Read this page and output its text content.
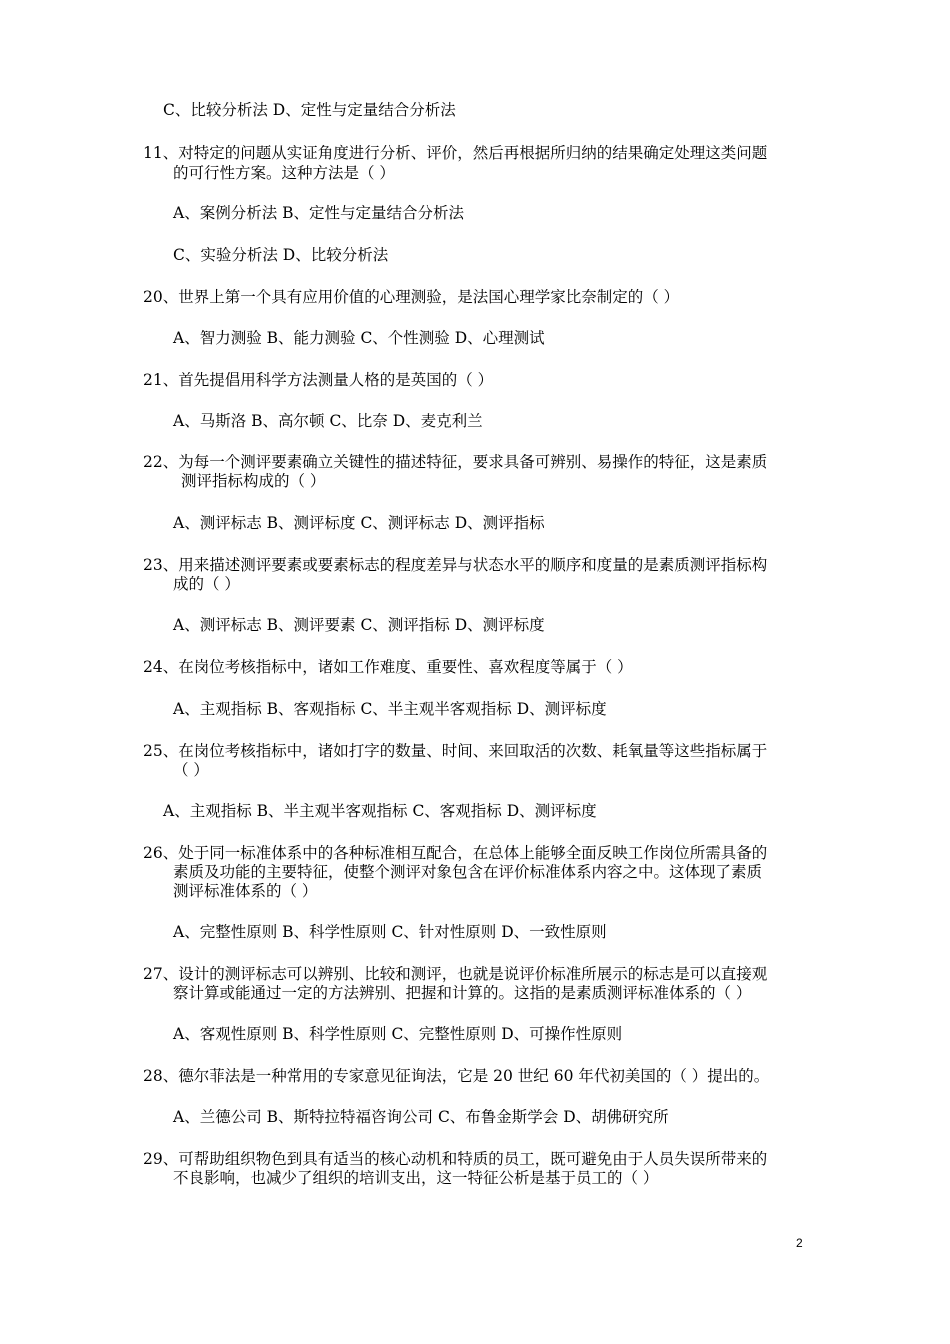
C、比较分析法 D、定性与定量结合分析法
11、对特定的问题从实证角度进行分析、评价，然后再根据所归纳的结果确定处理这类问题
的可行性方案。这种方法是（ ）
A、案例分析法 B、定性与定量结合分析法
C、实验分析法 D、比较分析法
20、世界上第一个具有应用价值的心理测验，是法国心理学家比奈制定的（ ）
A、智力测验 B、能力测验 C、个性测验 D、心理测试
21、首先提倡用科学方法测量人格的是英国的（ ）
A、马斯洛 B、高尔顿 C、比奈 D、麦克利兰
22、为每一个测评要素确立关键性的描述特征，要求具备可辨别、易操作的特征，这是素质
测评指标构成的（ ）
A、测评标志 B、测评标度 C、测评标志 D、测评指标
23、用来描述测评要素或要素标志的程度差异与状态水平的顺序和度量的是素质测评指标构
成的（ ）
A、测评标志 B、测评要素 C、测评指标 D、测评标度
24、在岗位考核指标中，诸如工作难度、重要性、喜欢程度等属于（ ）
A、主观指标 B、客观指标 C、半主观半客观指标 D、测评标度
25、在岗位考核指标中，诸如打字的数量、时间、来回取活的次数、耗氧量等这些指标属于
（ ）
A、主观指标 B、半主观半客观指标 C、客观指标 D、测评标度
26、处于同一标准体系中的各种标准相互配合，在总体上能够全面反映工作岗位所需具备的
素质及功能的主要特征，使整个测评对象包含在评价标准体系内容之中。这体现了素质
测评标准体系的（ ）
A、完整性原则 B、科学性原则 C、针对性原则 D、一致性原则
27、设计的测评标志可以辨别、比较和测评，也就是说评价标准所展示的标志是可以直接观
察计算或能通过一定的方法辨别、把握和计算的。这指的是素质测评标准体系的（ ）
A、客观性原则 B、科学性原则 C、完整性原则 D、可操作性原则
28、德尔菲法是一种常用的专家意见征询法，它是 20 世纪 60 年代初美国的（ ）提出的。
A、兰德公司 B、斯特拉特福咨询公司 C、布鲁金斯学会 D、胡佛研究所
29、可帮助组织物色到具有适当的核心动机和特质的员工，既可避免由于人员失误所带来的
不良影响，也减少了组织的培训支出，这一特征公析是基于员工的（ ）
2
